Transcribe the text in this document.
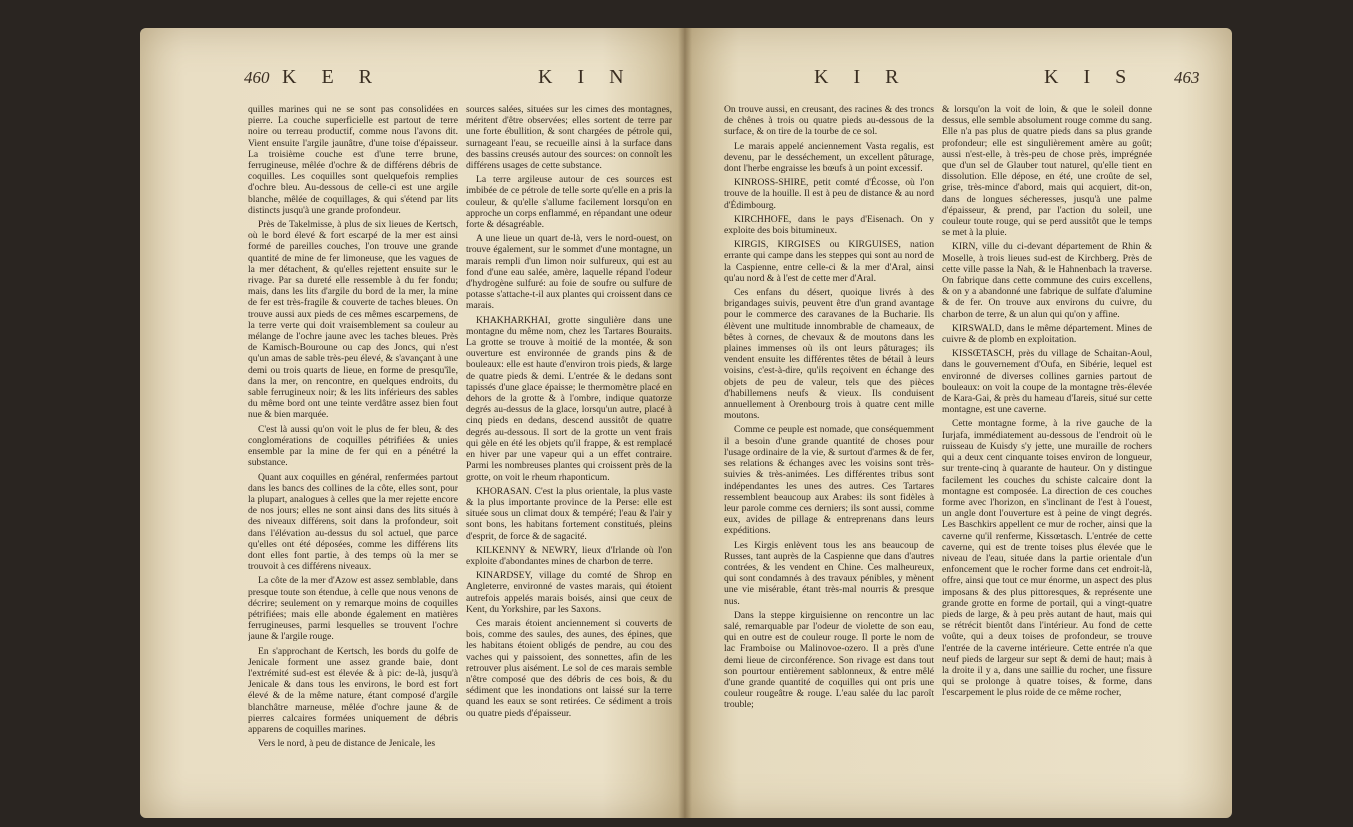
460 K E R	K I N

quilles marines qui ne se sont pas consolidées en pierre. La couche superficielle est partout de terre noire ou terreau productif, comme nous l'avons dit. Vient ensuite l'argile jaunâtre, d'une toise d'épaisseur. La troisième couche est d'une terre brune, ferrugineuse, mêlée d'ochre & de différens débris de coquilles. Les coquilles sont quelquefois remplies d'ochre bleu. Au-dessous de celle-ci est une argile blanche, mêlée de coquillages, & qui s'étend par lits distincts jusqu'à une grande profondeur.

Près de Takelmisse, à plus de six lieues de Kertsch, où le bord élevé & fort escarpé de la mer est ainsi formé de pareilles couches, l'on trouve une grande quantité de mine de fer limoneuse, que les vagues de la mer détachent, & qu'elles rejettent ensuite sur le rivage. Par sa dureté elle ressemble à du fer fondu; mais, dans les lits d'argile du bord de la mer, la mine de fer est très-fragile & couverte de taches bleues. On trouve aussi aux pieds de ces mêmes escarpemens, de la terre verte qui doit vraisemblement sa couleur au mélange de l'ochre jaune avec les taches bleues. Près de Kamisch-Bouroune ou cap des Joncs, qui n'est qu'un amas de sable très-peu élevé, & s'avançant à une demi ou trois quarts de lieue, en forme de presqu'île, dans la mer, on rencontre, en quelques endroits, du sable ferrugineux noir; & les lits inférieurs des sables du même bord ont une teinte verdâtre assez bien fout nue & bien marquée.

C'est là aussi qu'on voit le plus de fer bleu, & des conglomérations de coquilles pétrifiées & unies ensemble par la mine de fer qui en a pénétré la substance.

Quant aux coquilles en général, renfermées partout dans les bancs des collines de la côte, elles sont, pour la plupart, analogues à celles que la mer rejette encore de nos jours; elles ne sont ainsi dans des lits situés à des niveaux différens, soit dans la profondeur, soit dans l'élévation au-dessus du sol actuel, que parce qu'elles ont été déposées, comme les différens lits dont elles font partie, à des temps où la mer se trouvoit à ces différens niveaux.

La côte de la mer d'Azow est assez semblable, dans presque toute son étendue, à celle que nous venons de décrire; seulement on y remarque moins de coquilles pétrifiées; mais elle abonde également en matières ferrugineuses, parmi lesquelles se trouvent l'ochre jaune & l'argile rouge.

En s'approchant de Kertsch, les bords du golfe de Jenicale forment une assez grande baie, dont l'extrémité sud-est est élevée & à pic: de-là, jusqu'à Jenicale & dans tous les environs, le bord est fort élevé & de la même nature, étant composé d'argile blanchâtre marneuse, mêlée d'ochre jaune & de pierres calcaires formées uniquement de débris apparens de coquilles marines.

Vers le nord, à peu de distance de Jenicale, les

sources salées, situées sur les cimes des montagnes, méritent d'être observées; elles sortent de terre par une forte ébullition, & sont chargées de pétrole qui, surnageant l'eau, se recueille ainsi à la surface dans des bassins creusés autour des sources: on connoît les différens usages de cette substance.

La terre argileuse autour de ces sources est imbibée de ce pétrole de telle sorte qu'elle en a pris la couleur, & qu'elle s'allume facilement lorsqu'on en approche un corps enflammé, en répandant une odeur forte & désagréable.

A une lieue un quart de-là, vers le nord-ouest, on trouve également, sur le sommet d'une montagne, un marais rempli d'un limon noir sulfureux, qui est au fond d'une eau salée, amère, laquelle répand l'odeur d'hydrogène sulfuré: au foie de soufre ou sulfure de potasse s'attache-t-il aux plantes qui croissent dans ce marais.

KHAKHARKHAI, grotte singulière dans une montagne du même nom, chez les Tartares Bouraits. La grotte se trouve à moitié de la montée, & son ouverture est environnée de grands pins & de bouleaux: elle est haute d'environ trois pieds, & large de quatre pieds & demi. L'entrée & le dedans sont tapissés d'une glace épaisse; le thermomètre placé en dehors de la grotte & à l'ombre, indique quatorze degrés au-dessus de la glace, lorsqu'un autre, placé à cinq pieds en dedans, descend aussitôt de quatre degrés au-dessous. Il sort de la grotte un vent frais qui gèle en été les objets qu'il frappe, & est remplacé en hiver par une vapeur qui a un effet contraire. Parmi les nombreuses plantes qui croissent près de la grotte, on voit le rheum rhaponticum.

KHORASAN. C'est la plus orientale, la plus vaste & la plus importante province de la Perse: elle est située sous un climat doux & tempéré; l'eau & l'air y sont bons, les habitans fortement constitués, pleins d'esprit, de force & de sagacité.

KILKENNY & NEWRY, lieux d'Irlande où l'on exploite d'abondantes mines de charbon de terre.

KINARDSEY, village du comté de Shrop en Angleterre, environné de vastes marais, qui étoient autrefois appelés marais boisés, ainsi que ceux de Kent, du Yorkshire, par les Saxons.

Ces marais étoient anciennement si couverts de bois, comme des saules, des aunes, des épines, que les habitans étoient obligés de pendre, au cou des vaches qui y paissoient, des sonnettes, afin de les retrouver plus aisément. Le sol de ces marais semble n'être composé que des débris de ces bois, & du sédiment que les inondations ont laissé sur la terre quand les eaux se sont retirées. Ce sédiment a trois ou quatre pieds d'épaisseur.

K I R	K I S 463

On trouve aussi, en creusant, des racines & des troncs de chênes à trois ou quatre pieds au-dessous de la surface, & on tire de la tourbe de ce sol.

Le marais appelé anciennement Vasta regalis, est devenu, par le desséchement, un excellent pâturage, dont l'herbe engraisse les bœufs à un point excessif.

KINROSS-SHIRE, petit comté d'Écosse, où l'on trouve de la houille. Il est à peu de distance & au nord d'Édimbourg.

KIRCHHOFE, dans le pays d'Eisenach. On y exploite des bois bitumineux.

KIRGIS, KIRGISES ou KIRGUISES, nation errante qui campe dans les steppes qui sont au nord de la Caspienne, entre celle-ci & la mer d'Aral, ainsi qu'au nord & à l'est de cette mer d'Aral.

Ces enfans du désert, quoique livrés à des brigandages suivis, peuvent être d'un grand avantage pour le commerce des caravanes de la Bucharie. Ils élèvent une multitude innombrable de chameaux, de bêtes à cornes, de chevaux & de moutons dans les plaines immenses où ils ont leurs pâturages; ils vendent ensuite les différentes têtes de bétail à leurs voisins, c'est-à-dire, qu'ils reçoivent en échange des objets de peu de valeur, tels que des pièces d'habillemens neufs & vieux. Ils conduisent annuellement à Orenbourg trois à quatre cent mille moutons.

Comme ce peuple est nomade, que conséquemment il a besoin d'une grande quantité de choses pour l'usage ordinaire de la vie, & surtout d'armes & de fer, ses relations & échanges avec les voisins sont très-suivies & très-animées. Les différentes tribus sont indépendantes les unes des autres. Ces Tartares ressemblent beaucoup aux Arabes: ils sont fidèles à leur parole comme ces derniers; ils sont aussi, comme eux, avides de pillage & entreprenans dans leurs expéditions.

Les Kirgis enlèvent tous les ans beaucoup de Russes, tant auprès de la Caspienne que dans d'autres contrées, & les vendent en Chine. Ces malheureux, qui sont condamnés à des travaux pénibles, y mènent une vie misérable, étant très-mal nourris & presque nus.

Dans la steppe kirguisienne on rencontre un lac salé, remarquable par l'odeur de violette de son eau, qui en outre est de couleur rouge. Il porte le nom de lac Framboise ou Malinovoe-ozero. Il a près d'une demi lieue de circonférence. Son rivage est dans tout son pourtour entièrement sablonneux, & entre mêlé d'une grande quantité de coquilles qui ont pris une couleur rougeâtre & rouge. L'eau salée du lac paroît trouble;

& lorsqu'on la voit de loin, & que le soleil donne dessus, elle semble absolument rouge comme du sang. Elle n'a pas plus de quatre pieds dans sa plus grande profondeur; elle est singulièrement amère au goût; aussi n'est-elle, à très-peu de chose près, imprégnée que d'un sel de Glauber tout naturel, qu'elle tient en dissolution. Elle dépose, en été, une croûte de sel, grise, très-mince d'abord, mais qui acquiert, dit-on, dans de longues sécheresses, jusqu'à une palme d'épaisseur, & prend, par l'action du soleil, une couleur toute rouge, qui se perd aussitôt que le temps se met à la pluie.

KIRN, ville du ci-devant département de Rhin & Moselle, à trois lieues sud-est de Kirchberg. Près de cette ville passe la Nah, & le Hahnenbach la traverse. On fabrique dans cette commune des cuirs excellens, & on y a abandonné une fabrique de sulfate d'alumine & de fer. On trouve aux environs du cuivre, du charbon de terre, & un alun qui qu'on y affine.

KIRSWALD, dans le même département. Mines de cuivre & de plomb en exploitation.

KISSŒTASCH, près du village de Schaitan-Aoul, dans le gouvernement d'Oufa, en Sibérie, lequel est environné de diverses collines garnies partout de bouleaux: on voit la coupe de la montagne très-élevée de Kara-Gai, & près du hameau d'Iareis, situé sur cette montagne, est une caverne.

Cette montagne forme, à la rive gauche de la Iurjafa, immédiatement au-dessous de l'endroit où le ruisseau de Kuisdy s'y jette, une muraille de rochers qui a deux cent cinquante toises environ de longueur, sur trente-cinq à quarante de hauteur. On y distingue facilement les couches du schiste calcaire dont la montagne est composée. La direction de ces couches forme avec l'horizon, en s'inclinant de l'est à l'ouest, un angle dont l'ouverture est à peine de vingt degrés. Les Baschkirs appellent ce mur de rocher, ainsi que la caverne qu'il renferme, Kissœtasch. L'entrée de cette caverne, qui est de trente toises plus élevée que le niveau de l'eau, située dans la partie orientale d'un enfoncement que le rocher forme dans cet endroit-là, offre, ainsi que tout ce mur énorme, un aspect des plus imposans & des plus pittoresques, & représente une grande grotte en forme de portail, qui a vingt-quatre pieds de large, & à peu près autant de haut, mais qui se rétrécit bientôt dans l'intérieur. Au fond de cette voûte, qui a deux toises de profondeur, se trouve l'entrée de la caverne intérieure. Cette entrée n'a que neuf pieds de largeur sur sept & demi de haut; mais à la droite il y a, dans une saillie du rocher, une fissure qui se prolonge à quatre toises, & forme, dans l'escarpement le plus roide de ce même rocher,
